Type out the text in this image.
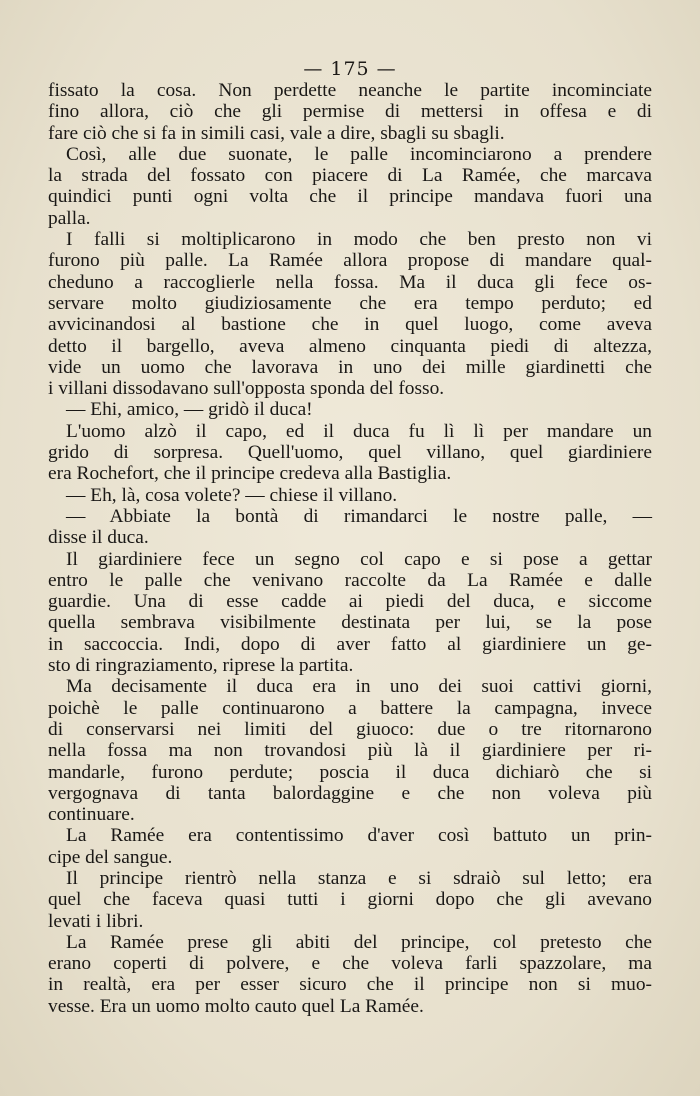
— 175 —
fissato la cosa. Non perdette neanche le partite incominciate
fino allora, ciò che gli permise di mettersi in offesa e di
fare ciò che si fa in simili casi, vale a dire, sbagli su sbagli.
Così, alle due suonate, le palle incominciarono a prendere
la strada del fossato con piacere di La Ramée, che marcava
quindici punti ogni volta che il principe mandava fuori una
palla.
I falli si moltiplicarono in modo che ben presto non vi
furono più palle. La Ramée allora propose di mandare qual-
cheduno a raccoglierle nella fossa. Ma il duca gli fece os-
servare molto giudiziosamente che era tempo perduto; ed
avvicinandosi al bastione che in quel luogo, come aveva
detto il bargello, aveva almeno cinquanta piedi di altezza,
vide un uomo che lavorava in uno dei mille giardinetti che
i villani dissodavano sull'opposta sponda del fosso.
— Ehi, amico, — gridò il duca!
L'uomo alzò il capo, ed il duca fu lì lì per mandare un
grido di sorpresa. Quell'uomo, quel villano, quel giardiniere
era Rochefort, che il principe credeva alla Bastiglia.
— Eh, là, cosa volete? — chiese il villano.
— Abbiate la bontà di rimandarci le nostre palle, —
disse il duca.
Il giardiniere fece un segno col capo e si pose a gettar
entro le palle che venivano raccolte da La Ramée e dalle
guardie. Una di esse cadde ai piedi del duca, e siccome
quella sembrava visibilmente destinata per lui, se la pose
in saccoccia. Indi, dopo di aver fatto al giardiniere un ge-
sto di ringraziamento, riprese la partita.
Ma decisamente il duca era in uno dei suoi cattivi giorni,
poichè le palle continuarono a battere la campagna, invece
di conservarsi nei limiti del giuoco: due o tre ritornarono
nella fossa ma non trovandosi più là il giardiniere per ri-
mandarle, furono perdute; poscia il duca dichiarò che si
vergognava di tanta balordaggine e che non voleva più
continuare.
La Ramée era contentissimo d'aver così battuto un prin-
cipe del sangue.
Il principe rientrò nella stanza e si sdraiò sul letto; era
quel che faceva quasi tutti i giorni dopo che gli avevano
levati i libri.
La Ramée prese gli abiti del principe, col pretesto che
erano coperti di polvere, e che voleva farli spazzolare, ma
in realtà, era per esser sicuro che il principe non si muo-
vesse. Era un uomo molto cauto quel La Ramée.
